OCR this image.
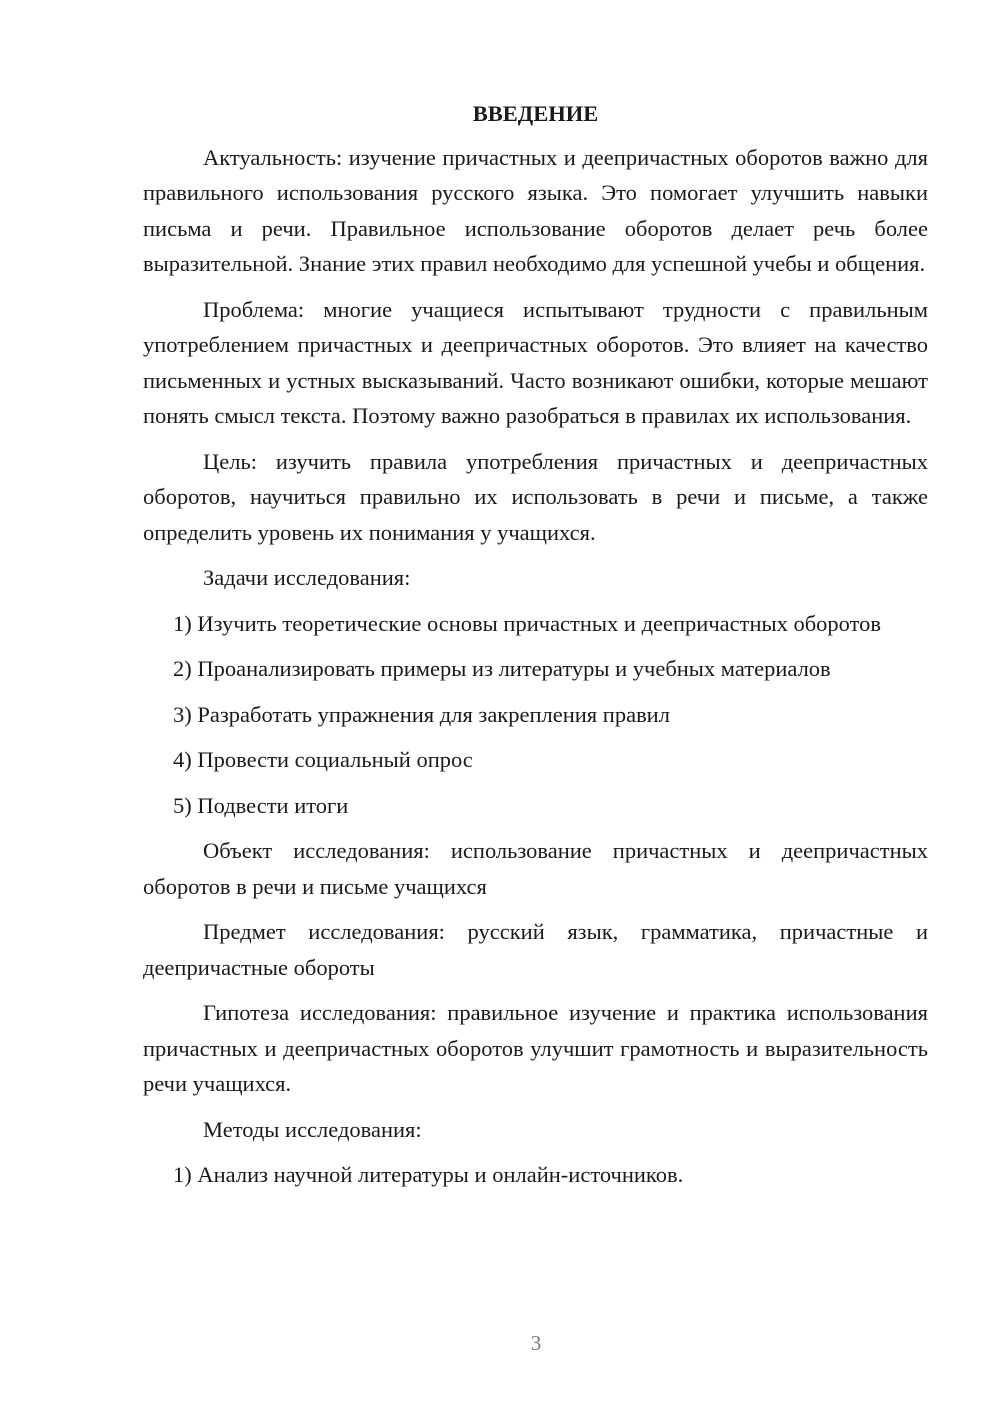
ВВЕДЕНИЕ

Актуальность: изучение причастных и деепричастных оборотов важно для правильного использования русского языка. Это помогает улучшить навыки письма и речи. Правильное использование оборотов делает речь более выразительной. Знание этих правил необходимо для успешной учебы и общения.

Проблема: многие учащиеся испытывают трудности с правильным употреблением причастных и деепричастных оборотов. Это влияет на качество письменных и устных высказываний. Часто возникают ошибки, которые мешают понять смысл текста. Поэтому важно разобраться в правилах их использования.

Цель: изучить правила употребления причастных и деепричастных оборотов, научиться правильно их использовать в речи и письме, а также определить уровень их понимания у учащихся.

Задачи исследования:

1) Изучить теоретические основы причастных и деепричастных оборотов

2) Проанализировать примеры из литературы и учебных материалов

3) Разработать упражнения для закрепления правил

4) Провести социальный опрос

5) Подвести итоги

Объект исследования: использование причастных и деепричастных оборотов в речи и письме учащихся

Предмет исследования: русский язык, грамматика, причастные и деепричастные обороты

Гипотеза исследования: правильное изучение и практика использования причастных и деепричастных оборотов улучшит грамотность и выразительность речи учащихся.

Методы исследования:

1) Анализ научной литературы и онлайн-источников.

3
